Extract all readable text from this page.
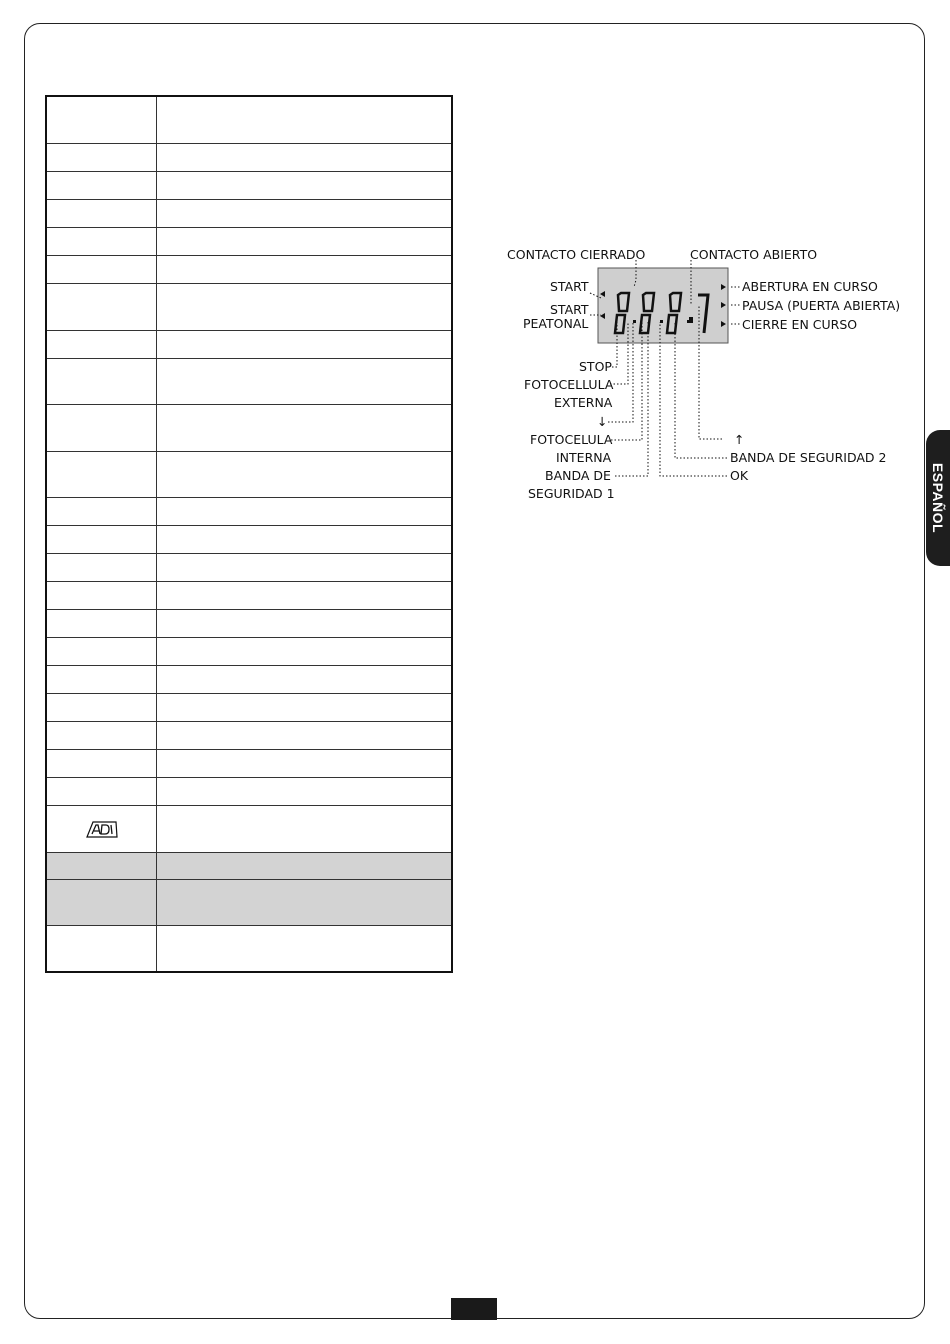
CONTACTO CIERRADO	CONTACTO ABIERTO
START
START
PEATONAL
ABERTURA EN CURSO
PAUSA (PUERTA ABIERTA)
CIERRE EN CURSO
STOP
FOTOCELLULA
EXTERNA
↓
FOTOCELULA
INTERNA
BANDA DE
SEGURIDAD 1
↑
BANDA DE SEGURIDAD 2
OK	ESPAÑOL
